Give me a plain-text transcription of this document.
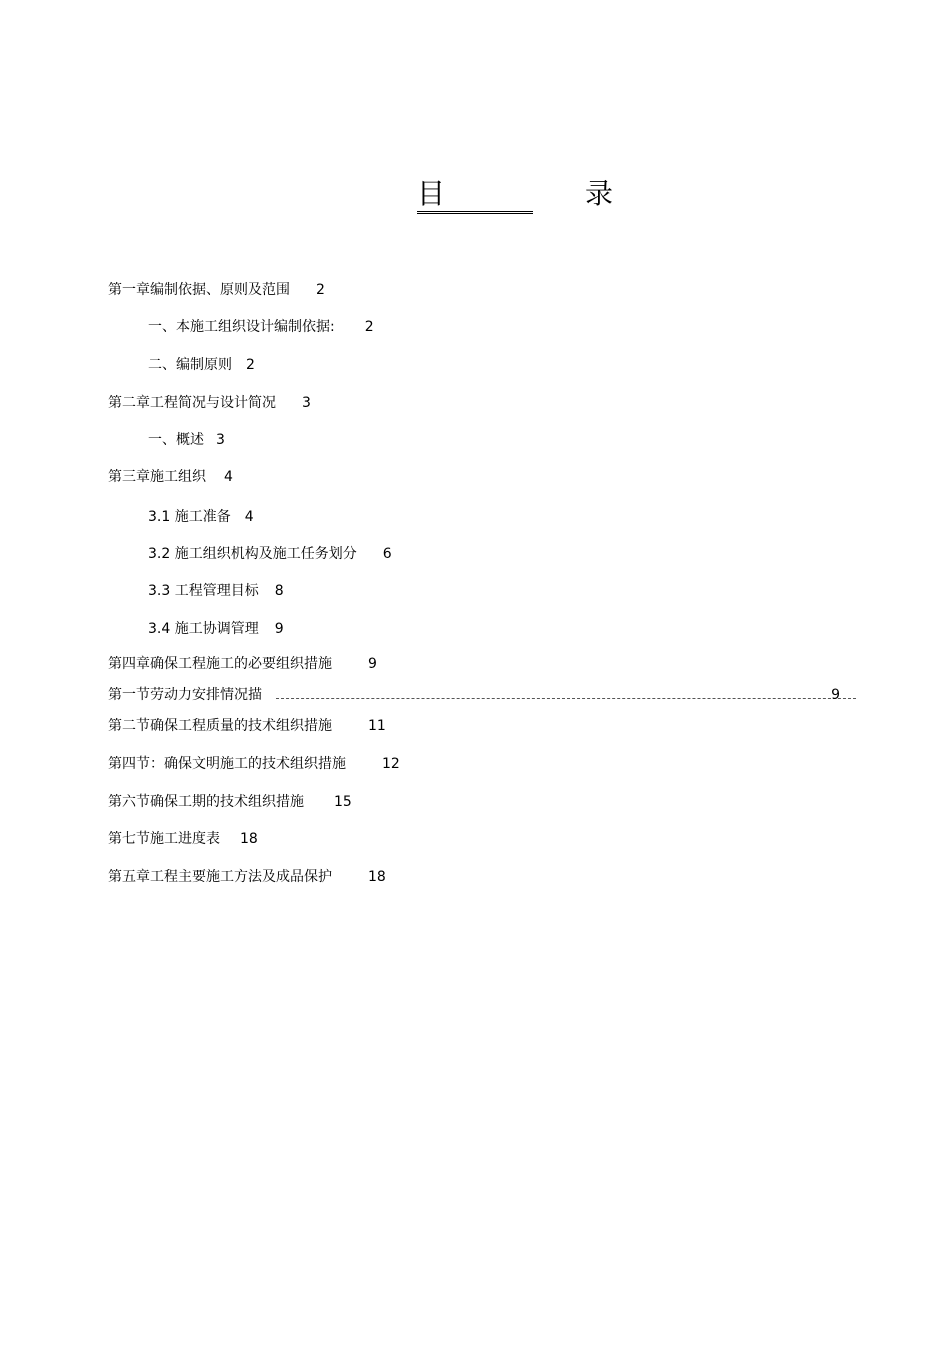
目　录
第一章编制依据、原则及范围 2
一、本施工组织设计编制依据: 2
二、编制原则 2
第二章工程简况与设计简况 3
一、概述 3
第三章施工组织 4
3.1 施工准备 4
3.2 施工组织机构及施工任务划分 6
3.3 工程管理目标 8
3.4 施工协调管理 9
第四章确保工程施工的必要组织措施	9
第一节劳动力安排情况描	9
第二节确保工程质量的技术组织措施	11
第四节：确保文明施工的技术组织措施	12
第六节确保工期的技术组织措施 15
第七节施工进度表 18
第五章工程主要施工方法及成品保护	18
